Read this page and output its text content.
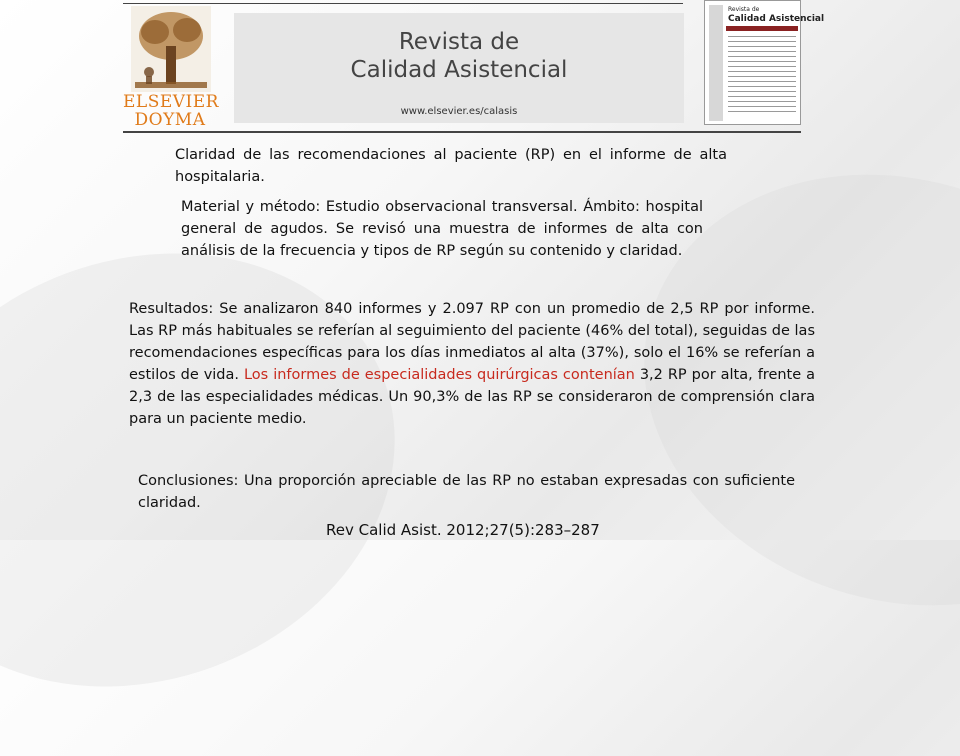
ELSEVIER
DOYMA
Revista de
Calidad Asistencial
www.elsevier.es/calasis
Revista de
Calidad Asistencial

Claridad de las recomendaciones al paciente (RP) en el informe de alta hospitalaria.

Material y método: Estudio observacional transversal. Ámbito: hospital general de agudos. Se revisó una muestra de informes de alta con análisis de la frecuencia y tipos de RP según su contenido y claridad.

Resultados: Se analizaron 840 informes y 2.097 RP con un promedio de 2,5 RP por informe. Las RP más habituales se referían al seguimiento del paciente (46% del total), seguidas de las recomendaciones específicas para los días inmediatos al alta (37%), solo el 16% se referían a estilos de vida. Los informes de especialidades quirúrgicas contenían 3,2 RP por alta, frente a 2,3 de las especialidades médicas. Un 90,3% de las RP se consideraron de comprensión clara para un paciente medio.

Conclusiones: Una proporción apreciable de las RP no estaban expresadas con suficiente claridad.

Rev Calid Asist. 2012;27(5):283–287
